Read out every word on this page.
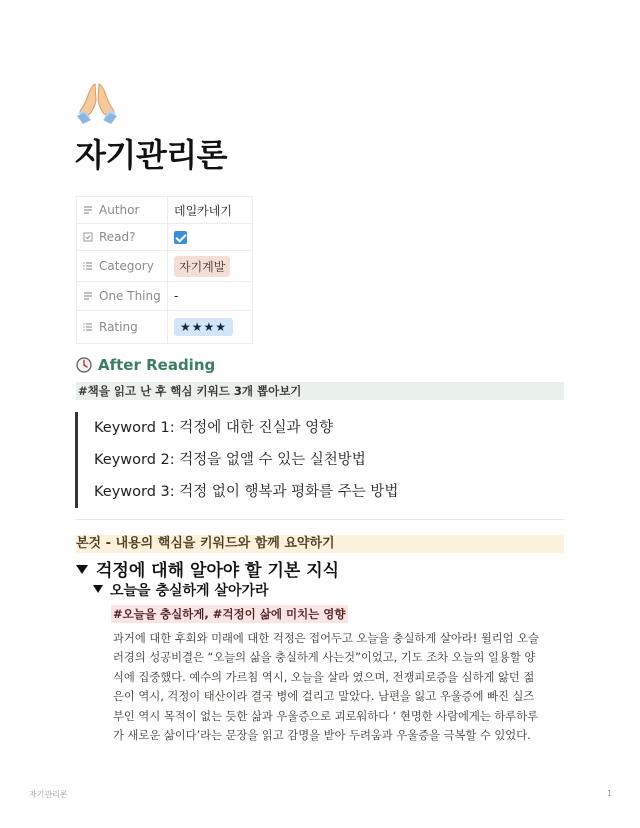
자기관리론
Author	데일카네기
Read?	
Category	자기계발
One Thing	-
Rating	★★★★
After Reading
#책을 읽고 난 후 핵심 키워드 3개 뽑아보기
Keyword 1: 걱정에 대한 진실과 영향
Keyword 2: 걱정을 없앨 수 있는 실천방법
Keyword 3: 걱정 없이 행복과 평화를 주는 방법
본것 - 내용의 핵심을 키워드와 함께 요약하기
걱정에 대해 알아야 할 기본 지식
오늘을 충실하게 살아가라
#오늘을 충실하게, #걱정이 삶에 미치는 영향
과거에 대한 후회와 미래에 대한 걱정은 접어두고 오늘을 충실하게 살아라! 윌리엄 오슬
러경의 성공비결은 “오늘의 삶을 충실하게 사는것”이었고, 기도 조차 오늘의 일용할 양
식에 집중했다. 예수의 가르침 역시, 오늘을 살라 였으며, 전쟁피로증을 심하게 앓던 젊
은이 역시, 걱정이 태산이라 결국 병에 걸리고 말았다. 남편을 잃고 우울증에 빠진 실즈
부인 역시 목적이 없는 듯한 삶과 우울증으로 괴로워하다 ‘ 현명한 사람에게는 하루하루
가 새로운 삶이다’라는 문장을 읽고 감명을 받아 두려움과 우울증을 극복할 수 있었다.
자기관리론	1
